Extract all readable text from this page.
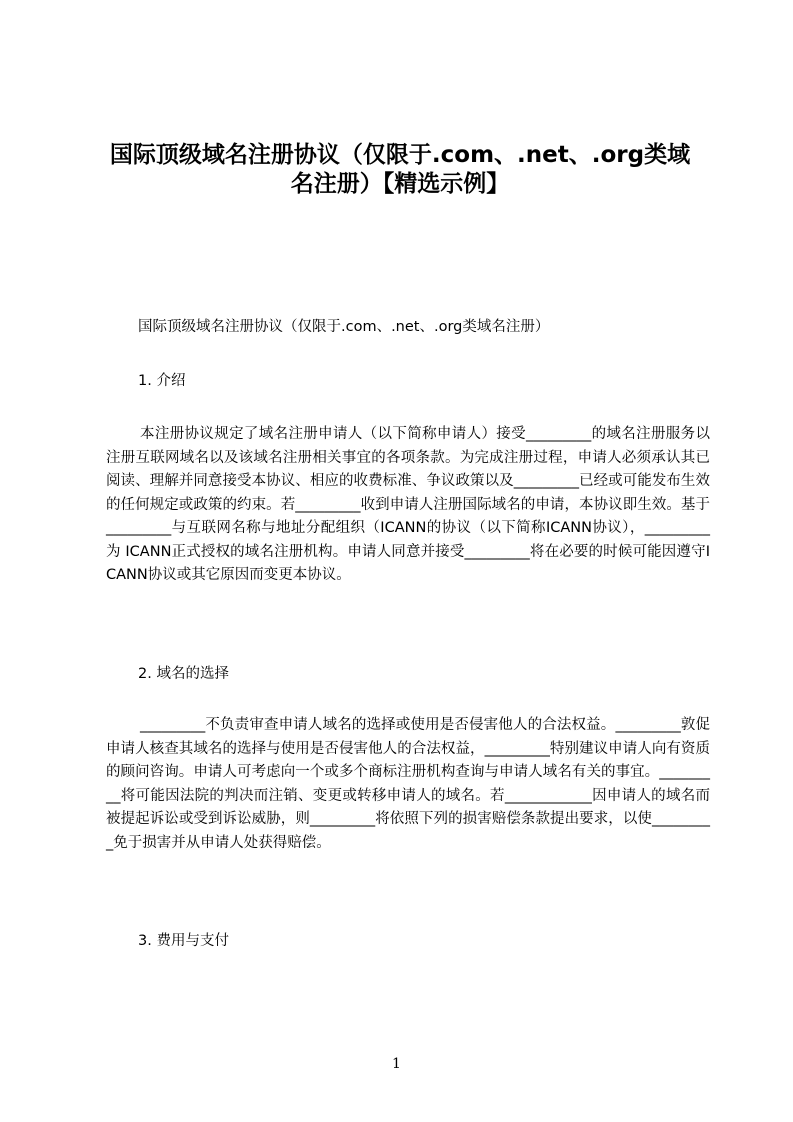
国际顶级域名注册协议（仅限于.com、.net、.org类域名注册）【精选示例】
国际顶级域名注册协议（仅限于.com、.net、.org类域名注册）
1. 介绍
本注册协议规定了域名注册申请人（以下简称申请人）接受_________的域名注册服务以注册互联网域名以及该域名注册相关事宜的各项条款。为完成注册过程，申请人必须承认其已阅读、理解并同意接受本协议、相应的收费标准、争议政策以及_________已经或可能发布生效的任何规定或政策的约束。若_________收到申请人注册国际域名的申请，本协议即生效。基于_________与互联网名称与地址分配组织（ICANN的协议（以下简称ICANN协议），_________为 ICANN正式授权的域名注册机构。申请人同意并接受_________将在必要的时候可能因遵守ICANN协议或其它原因而变更本协议。
2. 域名的选择
_________不负责审查申请人域名的选择或使用是否侵害他人的合法权益。_________敦促申请人核查其域名的选择与使用是否侵害他人的合法权益，_________特别建议申请人向有资质的顾问咨询。申请人可考虑向一个或多个商标注册机构查询与申请人域名有关的事宜。_________将可能因法院的判决而注销、变更或转移申请人的域名。若____________因申请人的域名而被提起诉讼或受到诉讼威胁，则_________将依照下列的损害赔偿条款提出要求，以使_________免于损害并从申请人处获得赔偿。
3. 费用与支付
1
